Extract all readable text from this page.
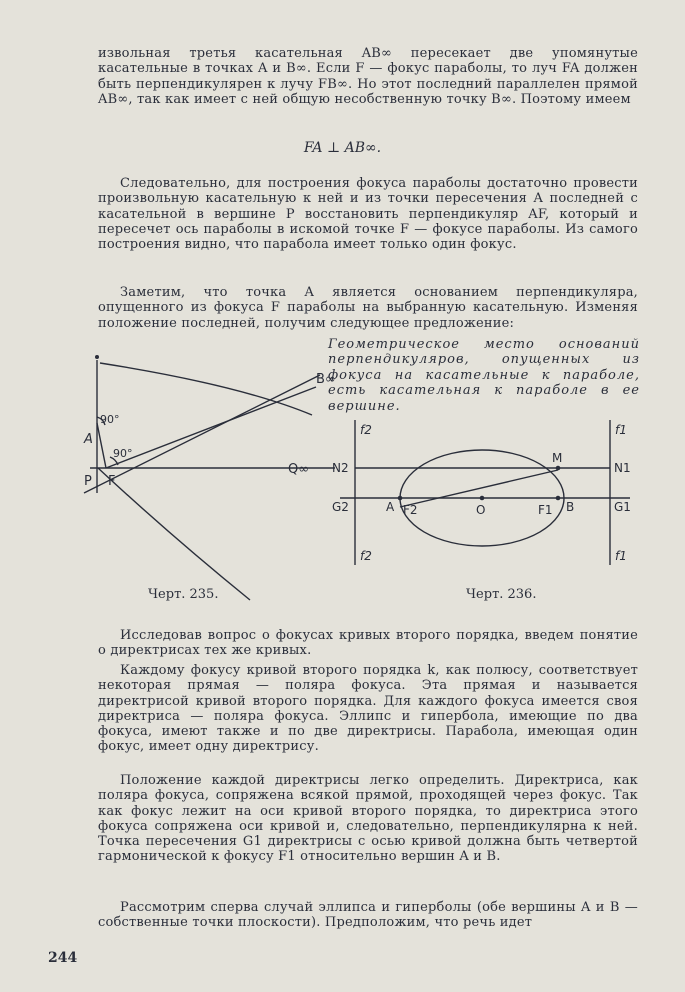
извольная третья касательная AB∞ пересекает две упомянутые касательные в точках A и B∞. Если F — фокус параболы, то луч FA должен быть перпендикулярен к лучу FB∞. Но этот последний параллелен прямой AB∞, так как имеет с ней общую несобственную точку B∞. Поэтому имеем
FA ⊥ AB∞.
Следовательно, для построения фокуса параболы достаточно провести произвольную касательную к ней и из точки пересечения A последней с касательной в вершине P восстановить перпендикуляр AF, который и пересечет ось параболы в искомой точке F — фокусе параболы. Из самого построения видно, что парабола имеет только один фокус.
Заметим, что точка A является основанием перпендикуляра, опущенного из фокуса F параболы на выбранную касательную. Изменяя положение последней, получим следующее предложение:
Геометрическое место оснований перпендикуляров, опущенных из фокуса на касательные к параболе, есть касательная к параболе в ее вершине.
B∞
A
P F
Q∞
90°
90°
Черт. 235.
f2	f1
N2	N1
M
G2	A F2	O	F1 B	G1
f2	f1
Черт. 236.
Исследовав вопрос о фокусах кривых второго порядка, введем понятие о директрисах тех же кривых.
Каждому фокусу кривой второго порядка k, как полюсу, соответствует некоторая прямая — поляра фокуса. Эта прямая и называется директрисой кривой второго порядка. Для каждого фокуса имеется своя директриса — поляра фокуса. Эллипс и гипербола, имеющие по два фокуса, имеют также и по две директрисы. Парабола, имеющая один фокус, имеет одну директрису.
Положение каждой директрисы легко определить. Директриса, как поляра фокуса, сопряжена всякой прямой, проходящей через фокус. Так как фокус лежит на оси кривой второго порядка, то директриса этого фокуса сопряжена оси кривой и, следовательно, перпендикулярна к ней. Точка пересечения G1 директрисы с осью кривой должна быть четвертой гармонической к фокусу F1 относительно вершин A и B.
Рассмотрим сперва случай эллипса и гиперболы (обе вершины A и B — собственные точки плоскости). Предположим, что речь идет
244
